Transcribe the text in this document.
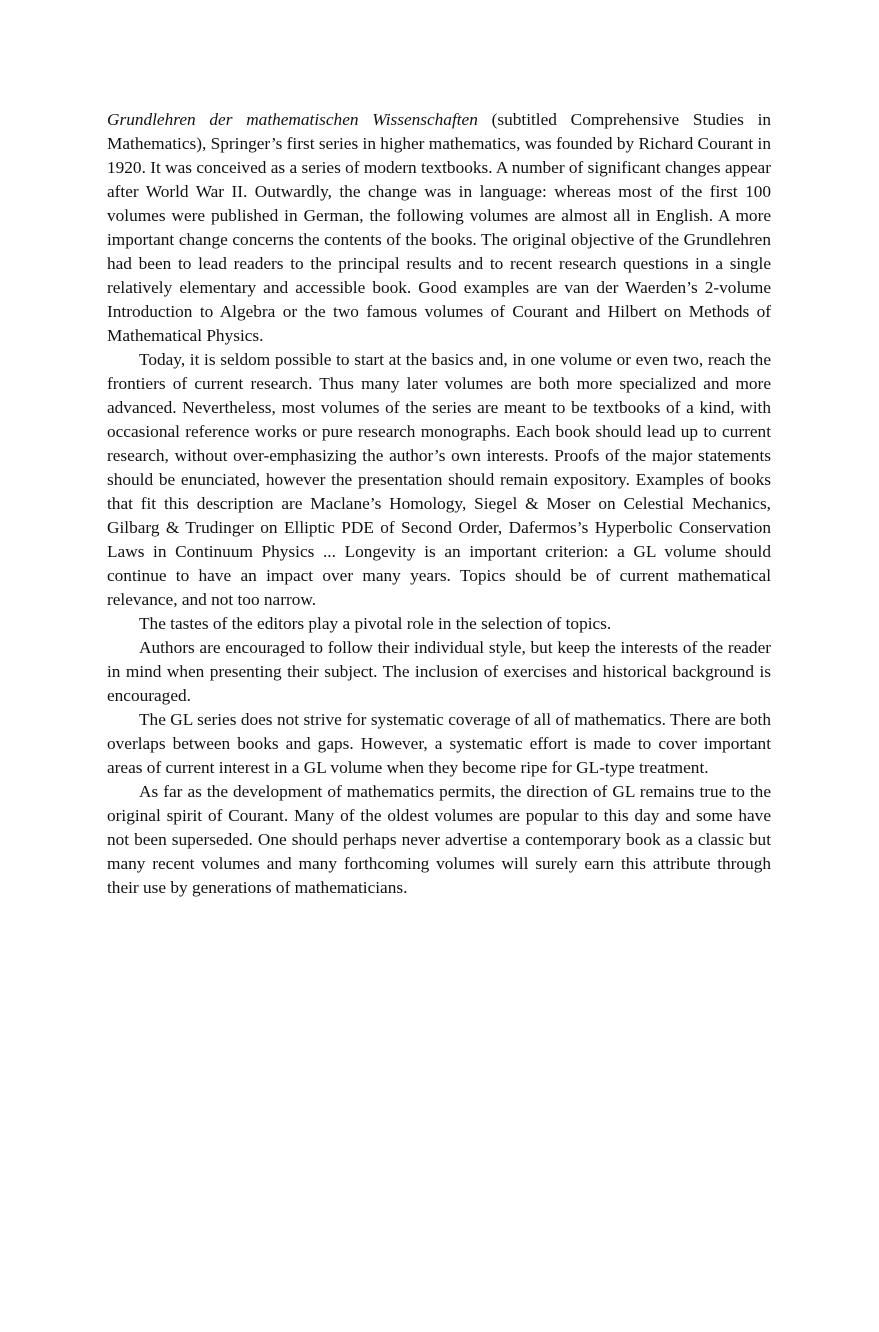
Grundlehren der mathematischen Wissenschaften (subtitled Comprehensive Studies in Mathematics), Springer’s first series in higher mathematics, was founded by Richard Courant in 1920. It was conceived as a series of modern textbooks. A number of significant changes appear after World War II. Outwardly, the change was in language: whereas most of the first 100 volumes were published in German, the following volumes are almost all in English. A more important change concerns the contents of the books. The original objective of the Grundlehren had been to lead readers to the principal results and to recent research questions in a single relatively elementary and accessible book. Good examples are van der Waerden’s 2-volume Introduction to Algebra or the two famous volumes of Courant and Hilbert on Methods of Mathematical Physics.

Today, it is seldom possible to start at the basics and, in one volume or even two, reach the frontiers of current research. Thus many later volumes are both more specialized and more advanced. Nevertheless, most volumes of the series are meant to be textbooks of a kind, with occasional reference works or pure research monographs. Each book should lead up to current research, without over-emphasizing the author’s own interests. Proofs of the major statements should be enunciated, however the presentation should remain expository. Examples of books that fit this description are Maclane’s Homology, Siegel & Moser on Celestial Mechanics, Gilbarg & Trudinger on Elliptic PDE of Second Order, Dafermos’s Hyperbolic Conservation Laws in Continuum Physics ... Longevity is an important criterion: a GL volume should continue to have an impact over many years. Topics should be of current mathematical relevance, and not too narrow.

The tastes of the editors play a pivotal role in the selection of topics.

Authors are encouraged to follow their individual style, but keep the interests of the reader in mind when presenting their subject. The inclusion of exercises and historical background is encouraged.

The GL series does not strive for systematic coverage of all of mathematics. There are both overlaps between books and gaps. However, a systematic effort is made to cover important areas of current interest in a GL volume when they become ripe for GL-type treatment.

As far as the development of mathematics permits, the direction of GL remains true to the original spirit of Courant. Many of the oldest volumes are popular to this day and some have not been superseded. One should perhaps never advertise a contemporary book as a classic but many recent volumes and many forthcoming volumes will surely earn this attribute through their use by generations of mathematicians.
